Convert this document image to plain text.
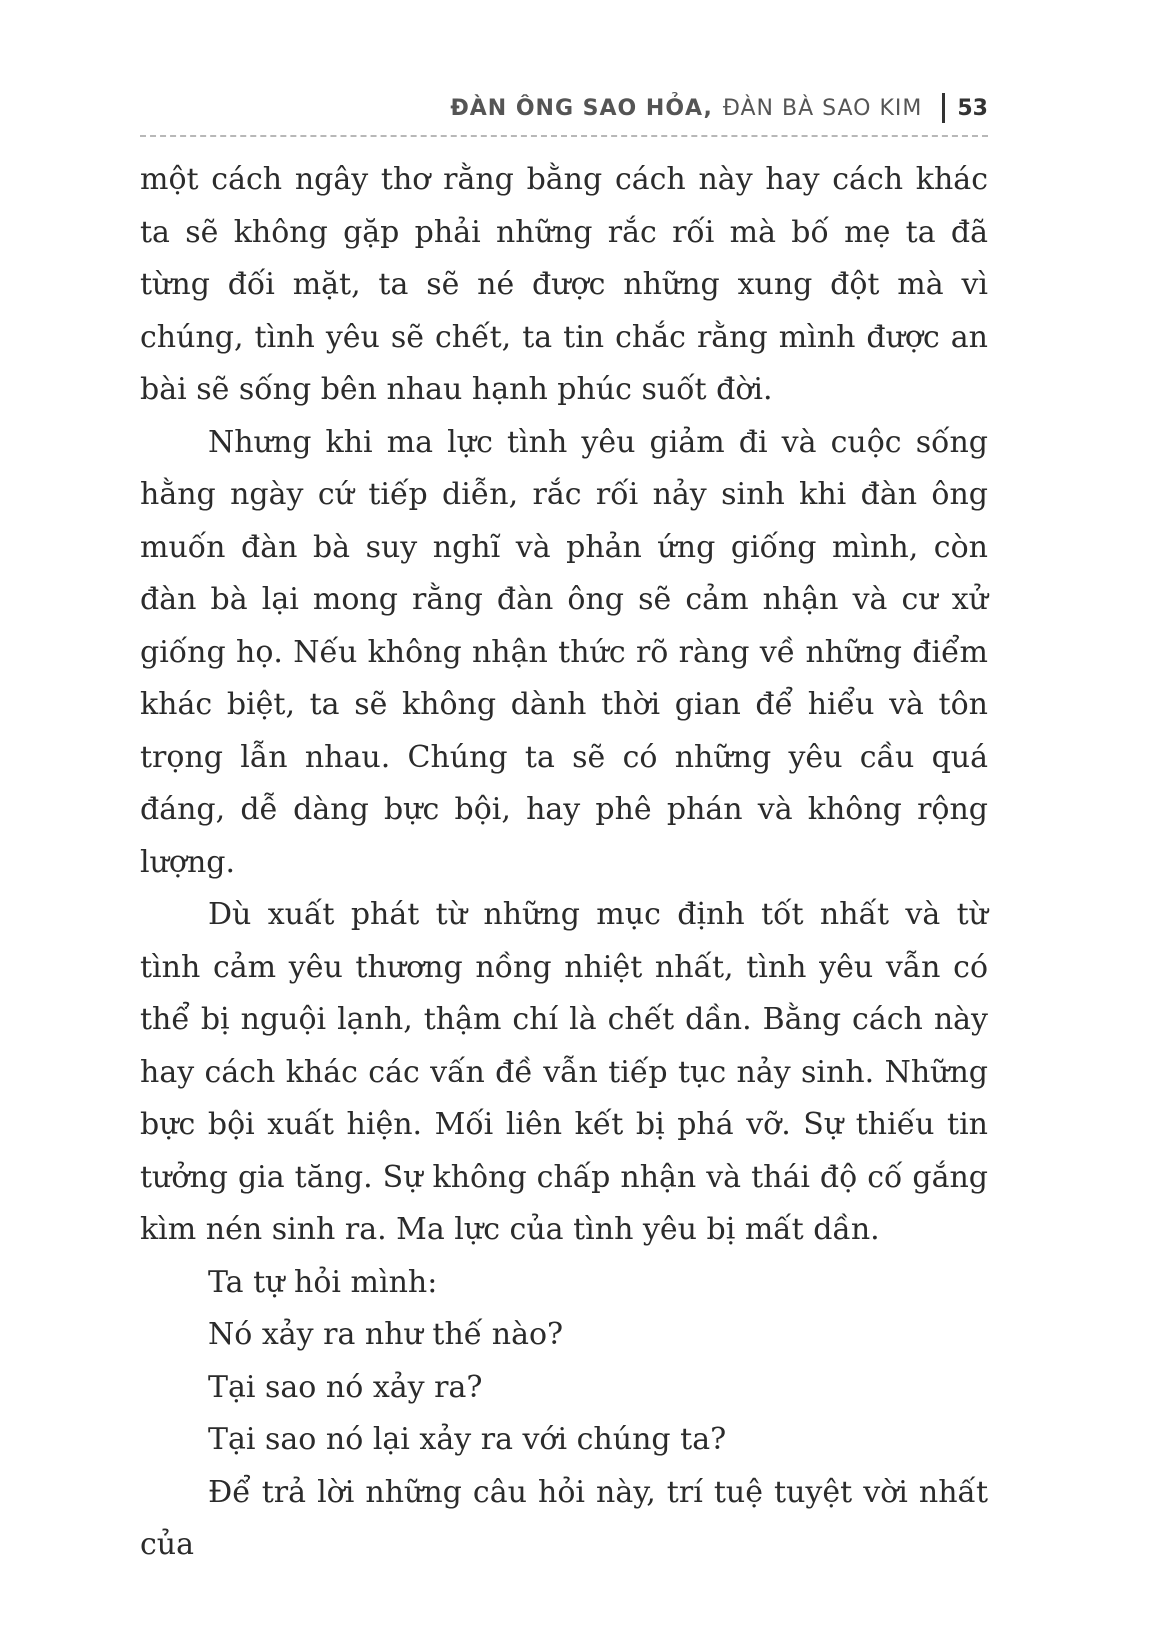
ĐÀN ÔNG SAO HỎA, ĐÀN BÀ SAO KIM 53

một cách ngây thơ rằng bằng cách này hay cách khác ta sẽ không gặp phải những rắc rối mà bố mẹ ta đã từng đối mặt, ta sẽ né được những xung đột mà vì chúng, tình yêu sẽ chết, ta tin chắc rằng mình được an bài sẽ sống bên nhau hạnh phúc suốt đời.

Nhưng khi ma lực tình yêu giảm đi và cuộc sống hằng ngày cứ tiếp diễn, rắc rối nảy sinh khi đàn ông muốn đàn bà suy nghĩ và phản ứng giống mình, còn đàn bà lại mong rằng đàn ông sẽ cảm nhận và cư xử giống họ. Nếu không nhận thức rõ ràng về những điểm khác biệt, ta sẽ không dành thời gian để hiểu và tôn trọng lẫn nhau. Chúng ta sẽ có những yêu cầu quá đáng, dễ dàng bực bội, hay phê phán và không rộng lượng.

Dù xuất phát từ những mục định tốt nhất và từ tình cảm yêu thương nồng nhiệt nhất, tình yêu vẫn có thể bị nguội lạnh, thậm chí là chết dần. Bằng cách này hay cách khác các vấn đề vẫn tiếp tục nảy sinh. Những bực bội xuất hiện. Mối liên kết bị phá vỡ. Sự thiếu tin tưởng gia tăng. Sự không chấp nhận và thái độ cố gắng kìm nén sinh ra. Ma lực của tình yêu bị mất dần.

Ta tự hỏi mình:

Nó xảy ra như thế nào?

Tại sao nó xảy ra?

Tại sao nó lại xảy ra với chúng ta?

Để trả lời những câu hỏi này, trí tuệ tuyệt vời nhất của
